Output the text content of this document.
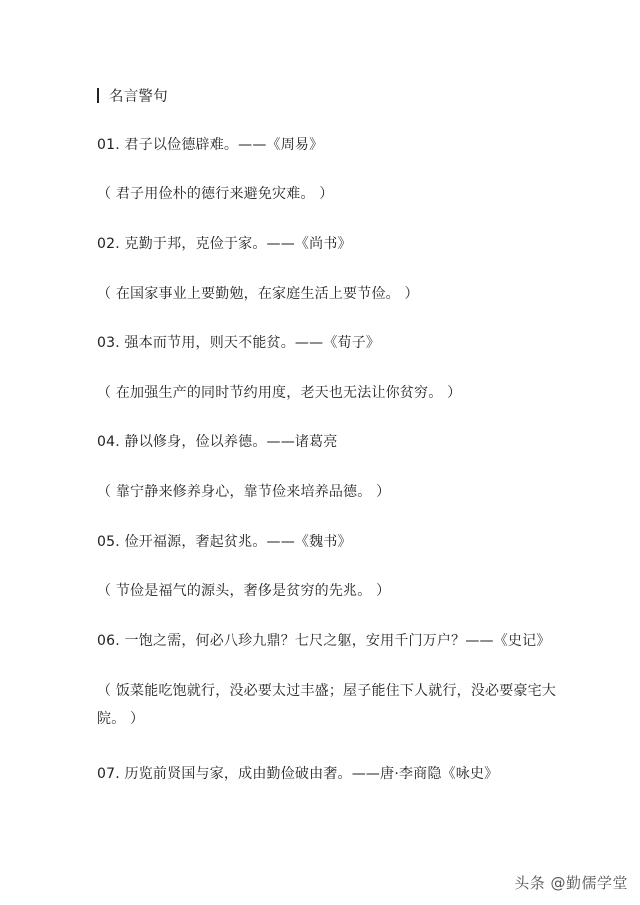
名言警句
01. 君子以俭德辟难。——《周易》
（ 君子用俭朴的德行来避免灾难。 ）
02. 克勤于邦，克俭于家。——《尚书》
（ 在国家事业上要勤勉，在家庭生活上要节俭。 ）
03. 强本而节用，则天不能贫。——《荀子》
（ 在加强生产的同时节约用度，老天也无法让你贫穷。 ）
04. 静以修身，俭以养德。——诸葛亮
（ 靠宁静来修养身心，靠节俭来培养品德。 ）
05. 俭开福源，奢起贫兆。——《魏书》
（ 节俭是福气的源头，奢侈是贫穷的先兆。 ）
06. 一饱之需，何必八珍九鼎？七尺之躯，安用千门万户？——《史记》
（ 饭菜能吃饱就行，没必要太过丰盛；屋子能住下人就行，没必要豪宅大院。 ）
07. 历览前贤国与家，成由勤俭破由奢。——唐·李商隐《咏史》
头条 @勤儒学堂
